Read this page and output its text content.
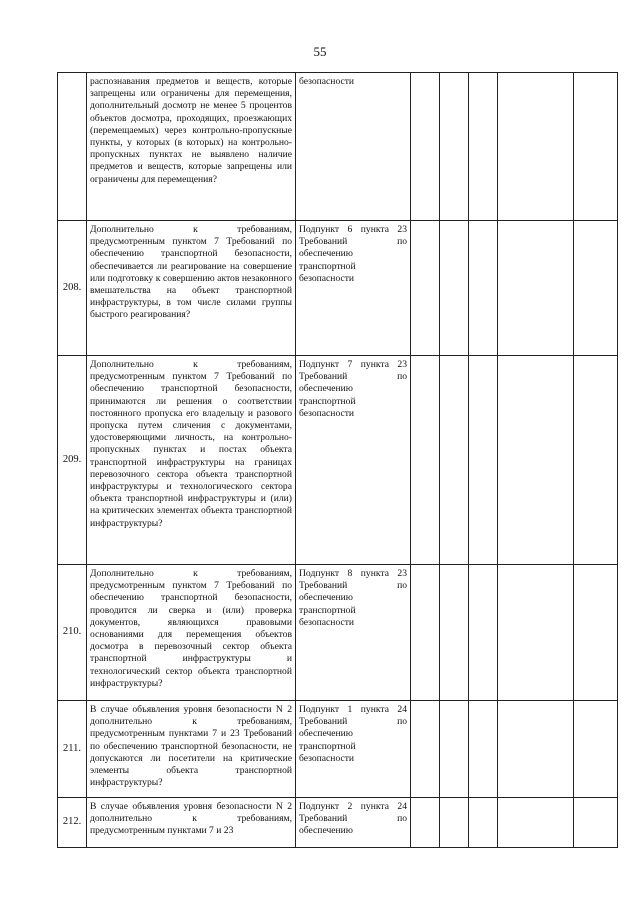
55
	распознавания предметов и веществ, которые запрещены или ограничены для перемещения, дополнительный досмотр не менее 5 процентов объектов досмотра, проходящих, проезжающих (перемещаемых) через контрольно-пропускные пункты, у которых (в которых) на контрольно-пропускных пунктах не выявлено наличие предметов и веществ, которые запрещены или ограничены для перемещения?	безопасности					
208.	Дополнительно к требованиям, предусмотренным пунктом 7 Требований по обеспечению транспортной безопасности, обеспечивается ли реагирование на совершение или подготовку к совершению актов незаконного вмешательства на объект транспортной инфраструктуры, в том числе силами группы быстрого реагирования?	Подпункт 6 пункта 23 Требований по обеспечению транспортной безопасности					
209.	Дополнительно к требованиям, предусмотренным пунктом 7 Требований по обеспечению транспортной безопасности, принимаются ли решения о соответствии постоянного пропуска его владельцу и разового пропуска путем сличения с документами, удостоверяющими личность, на контрольно-пропускных пунктах и постах объекта транспортной инфраструктуры на границах перевозочного сектора объекта транспортной инфраструктуры и технологического сектора объекта транспортной инфраструктуры и (или) на критических элементах объекта транспортной инфраструктуры?	Подпункт 7 пункта 23 Требований по обеспечению транспортной безопасности					
210.	Дополнительно к требованиям, предусмотренным пунктом 7 Требований по обеспечению транспортной безопасности, проводится ли сверка и (или) проверка документов, являющихся правовыми основаниями для перемещения объектов досмотра в перевозочный сектор объекта транспортной инфраструктуры и технологический сектор объекта транспортной инфраструктуры?	Подпункт 8 пункта 23 Требований по обеспечению транспортной безопасности					
211.	В случае объявления уровня безопасности N 2 дополнительно к требованиям, предусмотренным пунктами 7 и 23 Требований по обеспечению транспортной безопасности, не допускаются ли посетители на критические элементы объекта транспортной инфраструктуры?	Подпункт 1 пункта 24 Требований по обеспечению транспортной безопасности					
212.	В случае объявления уровня безопасности N 2 дополнительно к требованиям, предусмотренным пунктами 7 и 23	Подпункт 2 пункта 24 Требований по обеспечению					
